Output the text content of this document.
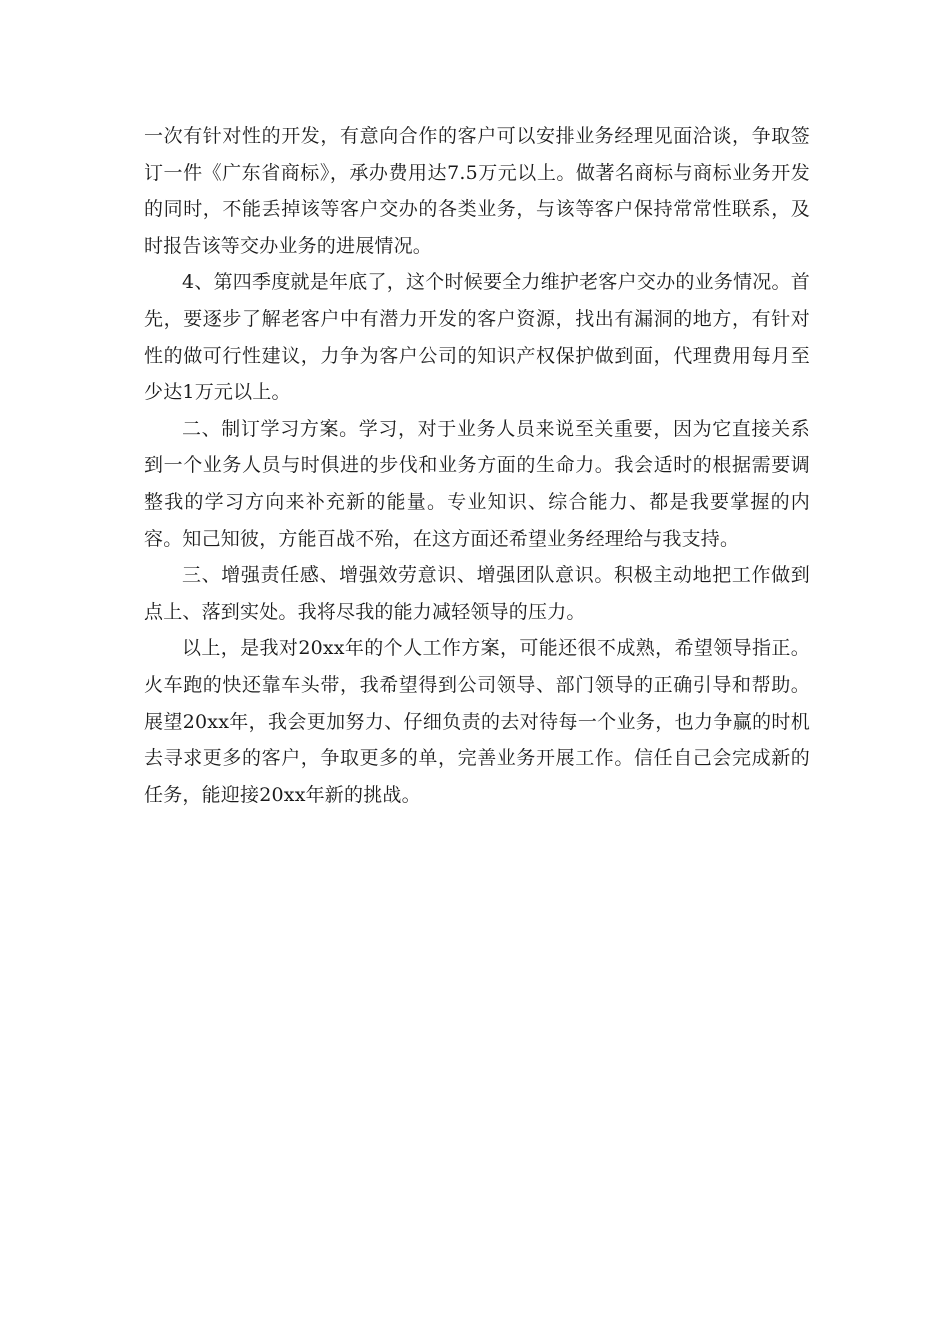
一次有针对性的开发，有意向合作的客户可以安排业务经理见面洽谈，争取签订一件《广东省商标》，承办费用达7.5万元以上。做著名商标与商标业务开发的同时，不能丢掉该等客户交办的各类业务，与该等客户保持常常性联系，及时报告该等交办业务的进展情况。

4、第四季度就是年底了，这个时候要全力维护老客户交办的业务情况。首先，要逐步了解老客户中有潜力开发的客户资源，找出有漏洞的地方，有针对性的做可行性建议，力争为客户公司的知识产权保护做到面，代理费用每月至少达1万元以上。

二、制订学习方案。学习，对于业务人员来说至关重要，因为它直接关系到一个业务人员与时俱进的步伐和业务方面的生命力。我会适时的根据需要调整我的学习方向来补充新的能量。专业知识、综合能力、都是我要掌握的内容。知己知彼，方能百战不殆，在这方面还希望业务经理给与我支持。

三、增强责任感、增强效劳意识、增强团队意识。积极主动地把工作做到点上、落到实处。我将尽我的能力减轻领导的压力。

以上，是我对20xx年的个人工作方案，可能还很不成熟，希望领导指正。火车跑的快还靠车头带，我希望得到公司领导、部门领导的正确引导和帮助。展望20xx年，我会更加努力、仔细负责的去对待每一个业务，也力争赢的时机去寻求更多的客户，争取更多的单，完善业务开展工作。信任自己会完成新的任务，能迎接20xx年新的挑战。
